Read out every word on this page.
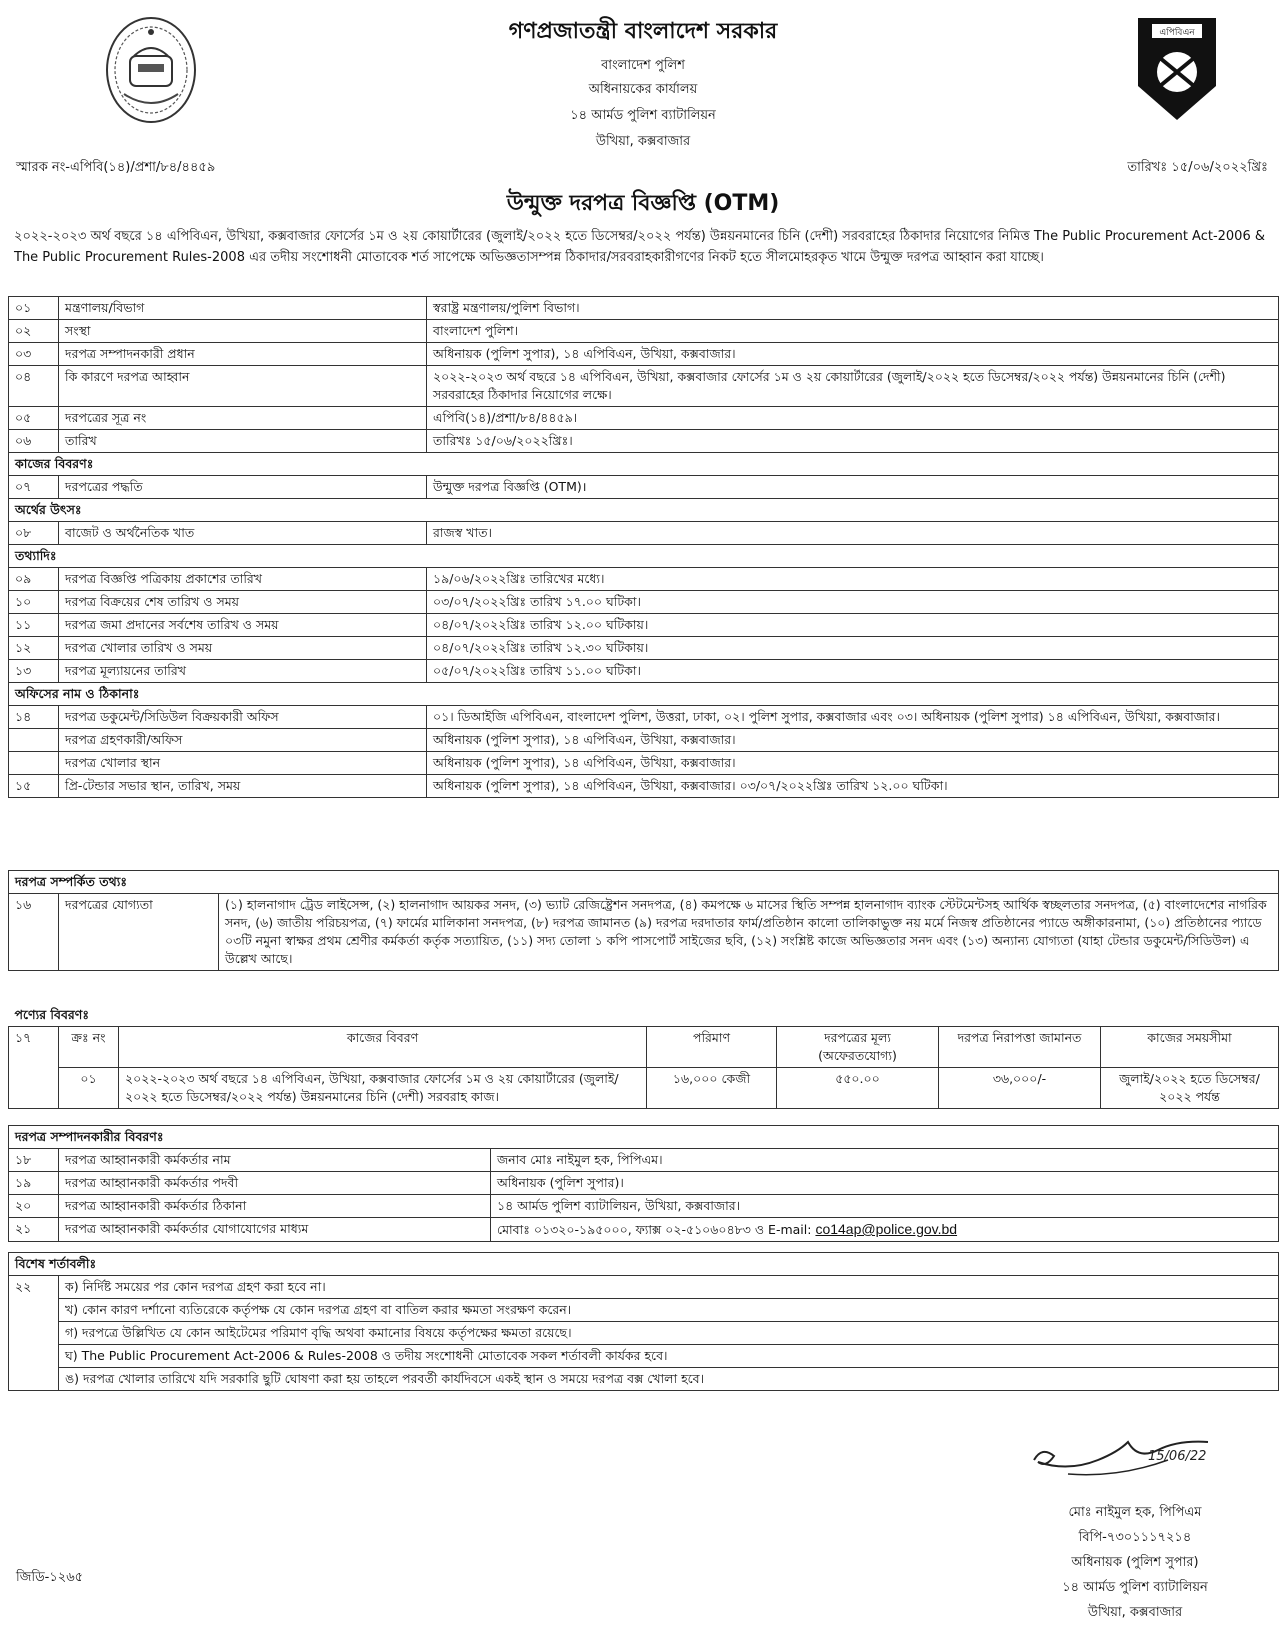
গণপ্রজাতন্ত্রী বাংলাদেশ সরকার
বাংলাদেশ পুলিশ
অধিনায়কের কার্যালয়
১৪ আর্মড পুলিশ ব্যাটালিয়ন
উখিয়া, কক্সবাজার
এপিবিএন
স্মারক নং-এপিবি(১৪)/প্রশা/৮৪/৪৪৫৯	তারিখঃ ১৫/০৬/২০২২খ্রিঃ
উন্মুক্ত দরপত্র বিজ্ঞপ্তি (OTM)
২০২২-২০২৩ অর্থ বছরে ১৪ এপিবিএন, উখিয়া, কক্সবাজার ফোর্সের ১ম ও ২য় কোয়ার্টারের (জুলাই/২০২২ হতে ডিসেম্বর/২০২২ পর্যন্ত) উন্নয়নমানের চিনি (দেশী) সরবরাহের ঠিকাদার নিয়োগের নিমিত্ত The Public Procurement Act-2006 & The Public Procurement Rules-2008 এর তদীয় সংশোধনী মোতাবেক শর্ত সাপেক্ষে অভিজ্ঞতাসম্পন্ন ঠিকাদার/সরবরাহকারীগণের নিকট হতে সীলমোহরকৃত খামে উন্মুক্ত দরপত্র আহ্বান করা যাচ্ছে।
০১	মন্ত্রণালয়/বিভাগ	স্বরাষ্ট্র মন্ত্রণালয়/পুলিশ বিভাগ।
০২	সংস্থা	বাংলাদেশ পুলিশ।
০৩	দরপত্র সম্পাদনকারী প্রধান	অধিনায়ক (পুলিশ সুপার), ১৪ এপিবিএন, উখিয়া, কক্সবাজার।
০৪	কি কারণে দরপত্র আহ্বান	২০২২-২০২৩ অর্থ বছরে ১৪ এপিবিএন, উখিয়া, কক্সবাজার ফোর্সের ১ম ও ২য় কোয়ার্টারের (জুলাই/২০২২ হতে ডিসেম্বর/২০২২ পর্যন্ত) উন্নয়নমানের চিনি (দেশী) সরবরাহের ঠিকাদার নিয়োগের লক্ষে।
০৫	দরপত্রের সূত্র নং	এপিবি(১৪)/প্রশা/৮৪/৪৪৫৯।
০৬	তারিখ	তারিখঃ ১৫/০৬/২০২২খ্রিঃ।
কাজের বিবরণঃ		
০৭	দরপত্রের পদ্ধতি	উন্মুক্ত দরপত্র বিজ্ঞপ্তি (OTM)।
অর্থের উৎসঃ		
০৮	বাজেট ও অর্থনৈতিক খাত	রাজস্ব খাত।
তথ্যাদিঃ		
০৯	দরপত্র বিজ্ঞপ্তি পত্রিকায় প্রকাশের তারিখ	১৯/০৬/২০২২খ্রিঃ তারিখের মধ্যে।
১০	দরপত্র বিক্রয়ের শেষ তারিখ ও সময়	০৩/০৭/২০২২খ্রিঃ তারিখ ১৭.০০ ঘটিকা।
১১	দরপত্র জমা প্রদানের সর্বশেষ তারিখ ও সময়	০৪/০৭/২০২২খ্রিঃ তারিখ ১২.০০ ঘটিকায়।
১২	দরপত্র খোলার তারিখ ও সময়	০৪/০৭/২০২২খ্রিঃ তারিখ ১২.৩০ ঘটিকায়।
১৩	দরপত্র মূল্যায়নের তারিখ	০৫/০৭/২০২২খ্রিঃ তারিখ ১১.০০ ঘটিকা।
অফিসের নাম ও ঠিকানাঃ		
১৪	দরপত্র ডকুমেন্ট/সিডিউল বিক্রয়কারী অফিস	০১। ডিআইজি এপিবিএন, বাংলাদেশ পুলিশ, উত্তরা, ঢাকা, ০২। পুলিশ সুপার, কক্সবাজার এবং ০৩। অধিনায়ক (পুলিশ সুপার) ১৪ এপিবিএন, উখিয়া, কক্সবাজার।
	দরপত্র গ্রহণকারী/অফিস	অধিনায়ক (পুলিশ সুপার), ১৪ এপিবিএন, উখিয়া, কক্সবাজার।
	দরপত্র খোলার স্থান	অধিনায়ক (পুলিশ সুপার), ১৪ এপিবিএন, উখিয়া, কক্সবাজার।
১৫	প্রি-টেন্ডার সভার স্থান, তারিখ, সময়	অধিনায়ক (পুলিশ সুপার), ১৪ এপিবিএন, উখিয়া, কক্সবাজার। ০৩/০৭/২০২২খ্রিঃ তারিখ ১২.০০ ঘটিকা।
দরপত্র সম্পর্কিত তথ্যঃ
১৬	দরপত্রের যোগ্যতা	(১) হালনাগাদ ট্রেড লাইসেন্স, (২) হালনাগাদ আয়কর সনদ, (৩) ভ্যাট রেজিষ্ট্রেশন সনদপত্র, (৪) কমপক্ষে ৬ মাসের স্থিতি সম্পন্ন হালনাগাদ ব্যাংক স্টেটমেন্টসহ আর্থিক স্বচ্ছলতার সনদপত্র, (৫) বাংলাদেশের নাগরিক সনদ, (৬) জাতীয় পরিচয়পত্র, (৭) ফার্মের মালিকানা সনদপত্র, (৮) দরপত্র জামানত (৯) দরপত্র দরদাতার ফার্ম/প্রতিষ্ঠান কালো তালিকাভুক্ত নয় মর্মে নিজস্ব প্রতিষ্ঠানের প্যাডে অঙ্গীকারনামা, (১০) প্রতিষ্ঠানের প্যাডে ০৩টি নমুনা স্বাক্ষর প্রথম শ্রেণীর কর্মকর্তা কর্তৃক সত্যায়িত, (১১) সদ্য তোলা ১ কপি পাসপোর্ট সাইজের ছবি, (১২) সংশ্লিষ্ট কাজে অভিজ্ঞতার সনদ এবং (১৩) অন্যান্য যোগ্যতা (যাহা টেন্ডার ডকুমেন্ট/সিডিউল) এ উল্লেখ আছে।
পণ্যের বিবরণঃ						
১৭	ক্রঃ নং	কাজের বিবরণ	পরিমাণ	দরপত্রের মূল্য (অফেরতযোগ্য)	দরপত্র নিরাপত্তা জামানত	কাজের সময়সীমা
	০১	২০২২-২০২৩ অর্থ বছরে ১৪ এপিবিএন, উখিয়া, কক্সবাজার ফোর্সের ১ম ও ২য় কোয়ার্টারের (জুলাই/২০২২ হতে ডিসেম্বর/২০২২ পর্যন্ত) উন্নয়নমানের চিনি (দেশী) সরবরাহ কাজ।	১৬,০০০ কেজী	৫৫০.০০	৩৬,০০০/-	জুলাই/২০২২ হতে ডিসেম্বর/২০২২ পর্যন্ত
দরপত্র সম্পাদনকারীর বিবরণঃ		
১৮	দরপত্র আহ্বানকারী কর্মকর্তার নাম	জনাব মোঃ নাইমুল হক, পিপিএম।
১৯	দরপত্র আহ্বানকারী কর্মকর্তার পদবী	অধিনায়ক (পুলিশ সুপার)।
২০	দরপত্র আহ্বানকারী কর্মকর্তার ঠিকানা	১৪ আর্মড পুলিশ ব্যাটালিয়ন, উখিয়া, কক্সবাজার।
২১	দরপত্র আহ্বানকারী কর্মকর্তার যোগাযোগের মাধ্যম	মোবাঃ ০১৩২০-১৯৫০০০, ফ্যাক্স ০২-৫১০৬০৪৮৩ ও E-mail: co14ap@police.gov.bd
বিশেষ শর্তাবলীঃ
২২	ক) নির্দিষ্ট সময়ের পর কোন দরপত্র গ্রহণ করা হবে না।
খ) কোন কারণ দর্শানো ব্যতিরেকে কর্তৃপক্ষ যে কোন দরপত্র গ্রহণ বা বাতিল করার ক্ষমতা সংরক্ষণ করেন।
গ) দরপত্রে উল্লিখিত যে কোন আইটেমের পরিমাণ বৃদ্ধি অথবা কমানোর বিষয়ে কর্তৃপক্ষের ক্ষমতা রয়েছে।
ঘ) The Public Procurement Act-2006 & Rules-2008 ও তদীয় সংশোধনী মোতাবেক সকল শর্তাবলী কার্যকর হবে।
ঙ) দরপত্র খোলার তারিখে যদি সরকারি ছুটি ঘোষণা করা হয় তাহলে পরবর্তী কার্যদিবসে একই স্থান ও সময়ে দরপত্র বক্স খোলা হবে।
15/06/22
মোঃ নাইমুল হক, পিপিএম
বিপি-৭৩০১১১৭২১৪
অধিনায়ক (পুলিশ সুপার)
১৪ আর্মড পুলিশ ব্যাটালিয়ন
উখিয়া, কক্সবাজার
জিডি-১২৬৫
